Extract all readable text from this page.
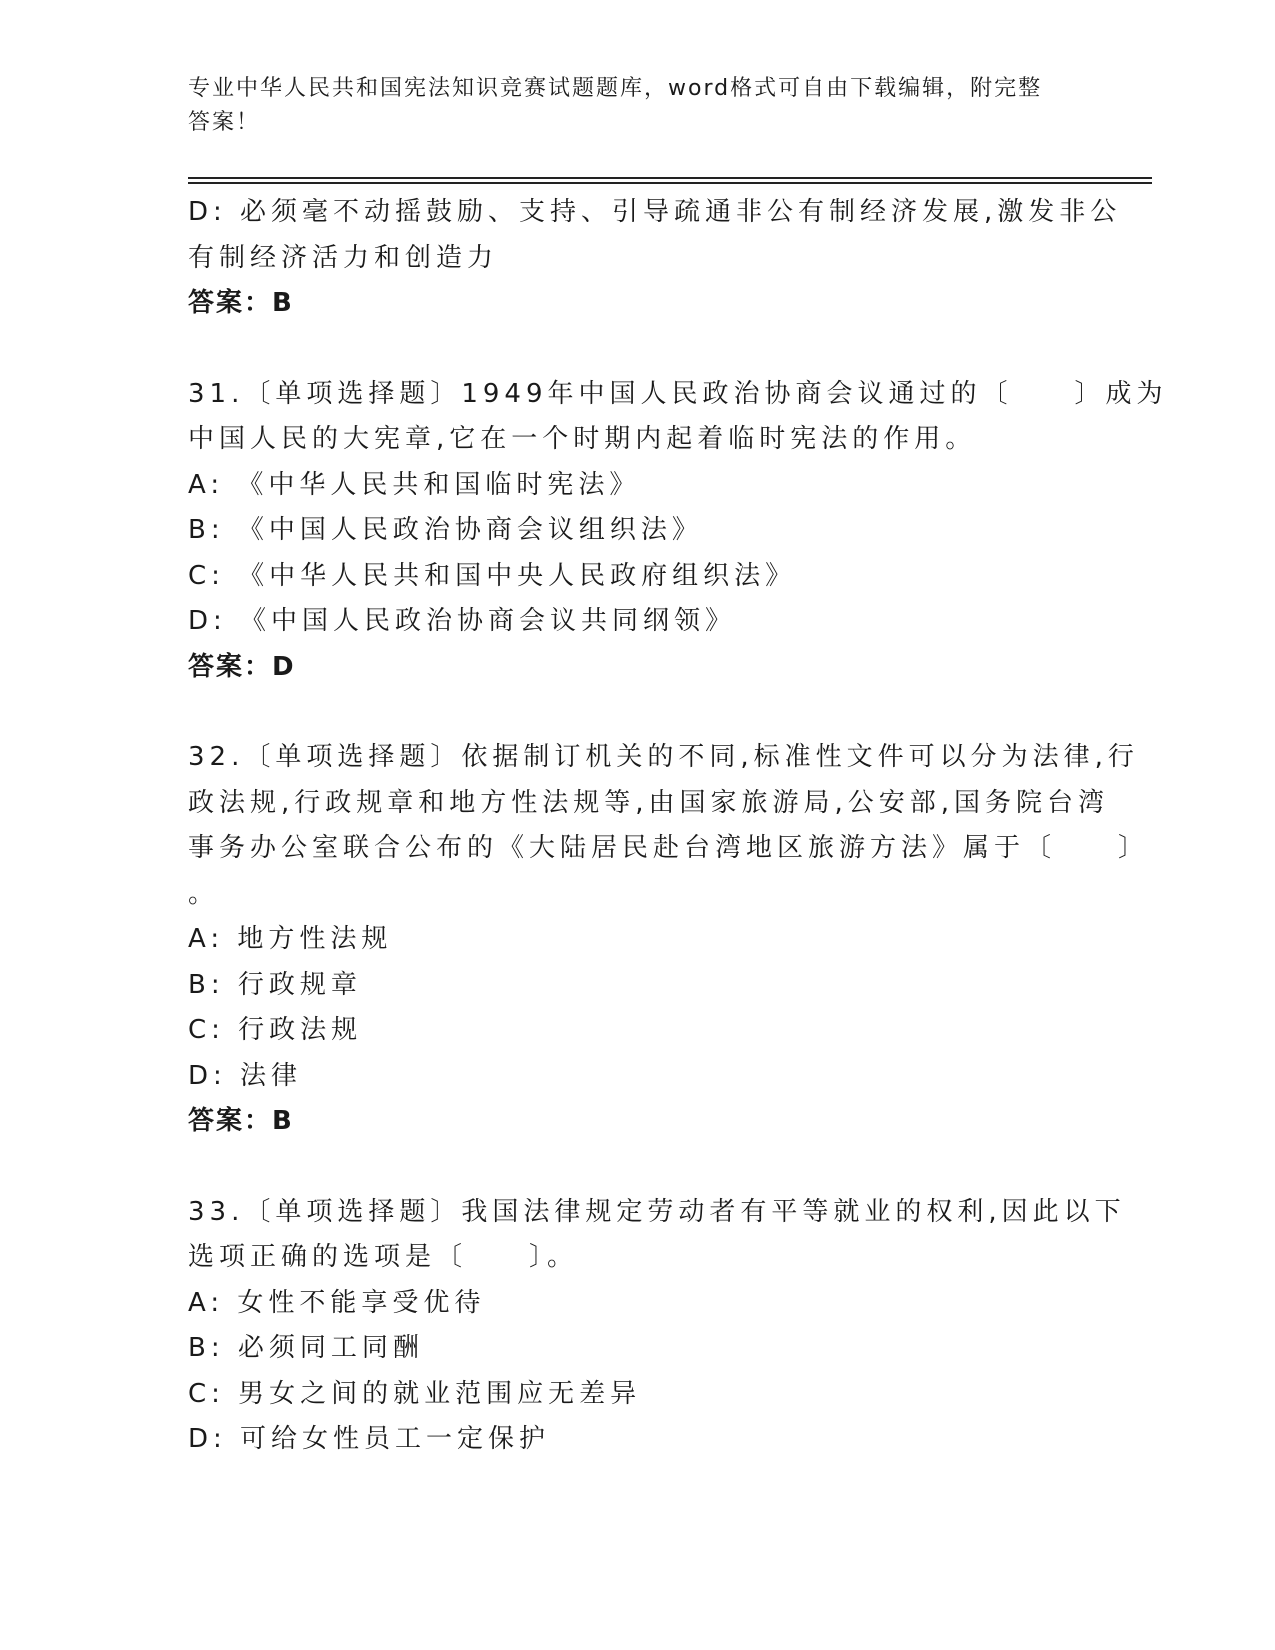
专业中华人民共和国宪法知识竞赛试题题库，word格式可自由下载编辑，附完整
答案！
D: 必须毫不动摇鼓励、支持、引导疏通非公有制经济发展,激发非公
有制经济活力和创造力
答案：B
31.〔单项选择题〕1949年中国人民政治协商会议通过的〔　　〕成为
中国人民的大宪章,它在一个时期内起着临时宪法的作用。
A: 《中华人民共和国临时宪法》
B: 《中国人民政治协商会议组织法》
C: 《中华人民共和国中央人民政府组织法》
D: 《中国人民政治协商会议共同纲领》
答案：D
32.〔单项选择题〕依据制订机关的不同,标准性文件可以分为法律,行
政法规,行政规章和地方性法规等,由国家旅游局,公安部,国务院台湾
事务办公室联合公布的《大陆居民赴台湾地区旅游方法》属于〔　　〕
。
A: 地方性法规
B: 行政规章
C: 行政法规
D: 法律
答案：B
33.〔单项选择题〕我国法律规定劳动者有平等就业的权利,因此以下
选项正确的选项是〔　　〕。
A: 女性不能享受优待
B: 必须同工同酬
C: 男女之间的就业范围应无差异
D: 可给女性员工一定保护
